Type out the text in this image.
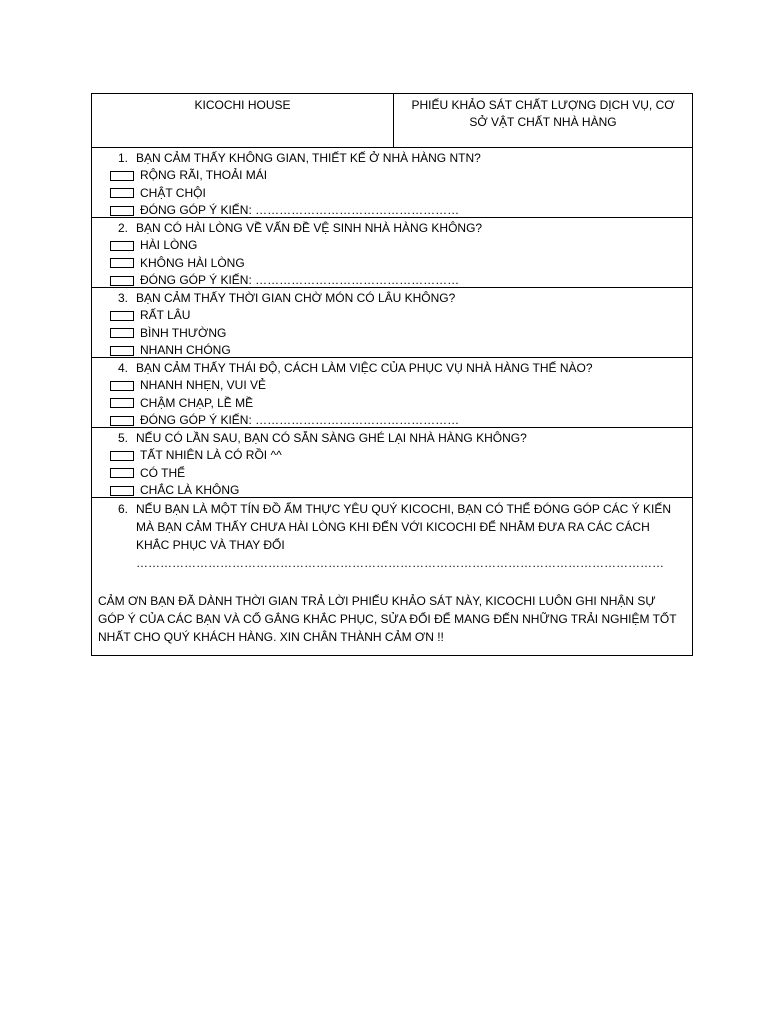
KICOCHI HOUSE	PHIẾU KHẢO SÁT CHẤT LƯỢNG DỊCH VỤ, CƠ SỞ VẬT CHẤT NHÀ HÀNG
1. BẠN CẢM THẤY KHÔNG GIAN, THIẾT KẾ Ở NHÀ HÀNG NTN?
RỘNG RÃI, THOẢI MÁI
CHẬT CHỘI
ĐÓNG GÓP Ý KIẾN: ……………………………………………
2. BẠN CÓ HÀI LÒNG VỀ VẤN ĐỀ VỆ SINH NHÀ HÀNG KHÔNG?
HÀI LÒNG
KHÔNG HÀI LÒNG
ĐÓNG GÓP Ý KIẾN: ……………………………………………
3. BẠN CẢM THẤY THỜI GIAN CHỜ MÓN CÓ LÂU KHÔNG?
RẤT LÂU
BÌNH THƯỜNG
NHANH CHÓNG
4. BẠN CẢM THẤY THÁI ĐỘ, CÁCH LÀM VIỆC CỦA PHỤC VỤ NHÀ HÀNG THẾ NÀO?
NHANH NHẸN, VUI VẺ
CHẬM CHẠP, LỀ MỀ
ĐÓNG GÓP Ý KIẾN: ……………………………………………
5. NẾU CÓ LẦN SAU, BẠN CÓ SẴN SÀNG GHÉ LẠI NHÀ HÀNG KHÔNG?
TẤT NHIÊN LÀ CÓ RỒI ^^
CÓ THỂ
CHẮC LÀ KHÔNG
6. NẾU BẠN LÀ MỘT TÍN ĐỒ ẨM THỰC YÊU QUÝ KICOCHI, BẠN CÓ THỂ ĐÓNG GÓP CÁC Ý KIẾN MÀ BẠN CẢM THẤY CHƯA HÀI LÒNG KHI ĐẾN VỚI KICOCHI ĐỂ NHẰM ĐƯA RA CÁC CÁCH KHẮC PHỤC VÀ THAY ĐỔI ……………………………………………………………………………………………………………………
CẢM ƠN BẠN ĐÃ DÀNH THỜI GIAN TRẢ LỜI PHIẾU KHẢO SÁT NÀY, KICOCHI LUÔN GHI NHẬN SỰ GÓP Ý CỦA CÁC BẠN VÀ CỐ GẮNG KHẮC PHỤC, SỬA ĐỔI ĐỂ MANG ĐẾN NHỮNG TRẢI NGHIỆM TỐT NHẤT CHO QUÝ KHÁCH HÀNG. XIN CHÂN THÀNH CẢM ƠN !!
